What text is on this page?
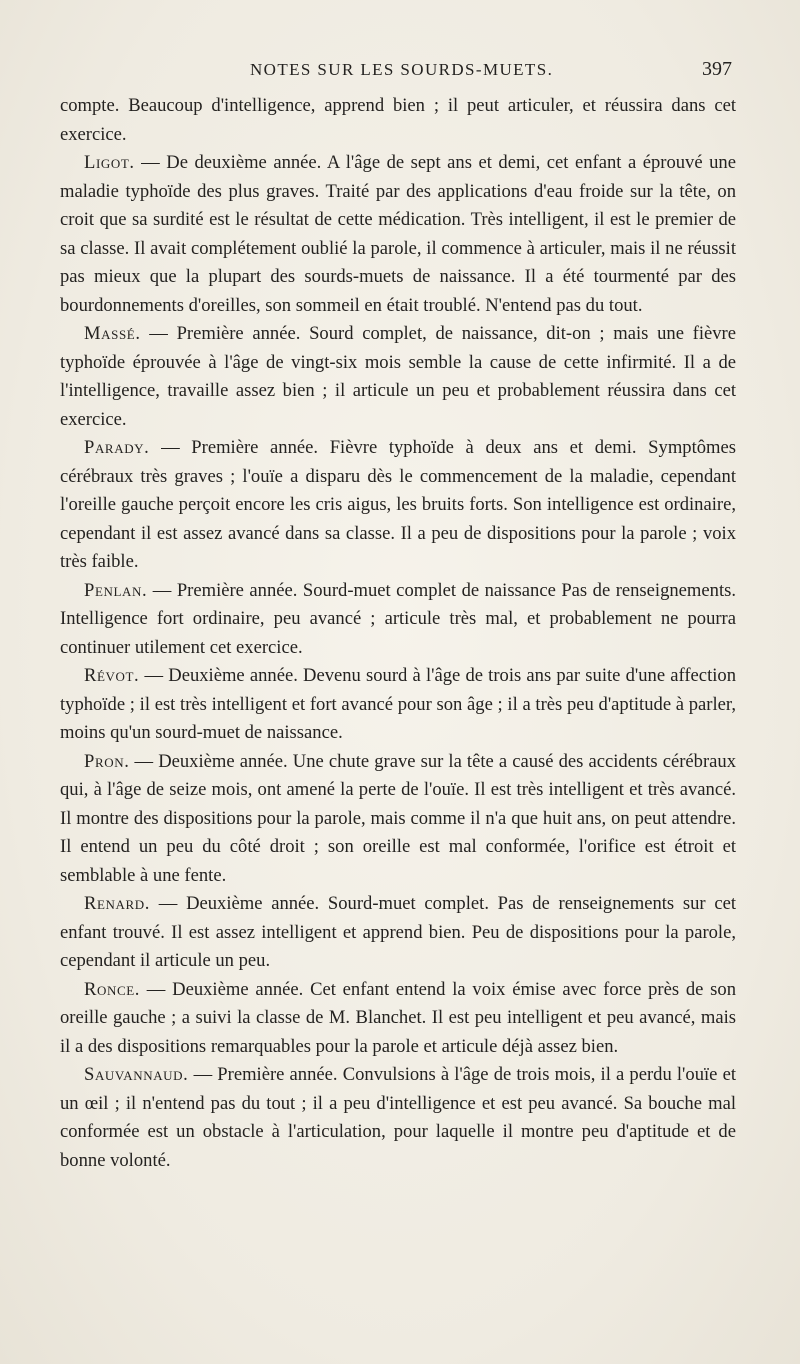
NOTES SUR LES SOURDS-MUETS.	397

compte. Beaucoup d'intelligence, apprend bien ; il peut articuler, et réussira dans cet exercice.

Ligot. — De deuxième année. A l'âge de sept ans et demi, cet enfant a éprouvé une maladie typhoïde des plus graves. Traité par des applications d'eau froide sur la tête, on croit que sa surdité est le résultat de cette médication. Très intelligent, il est le premier de sa classe. Il avait complétement oublié la parole, il commence à articuler, mais il ne réussit pas mieux que la plupart des sourds-muets de naissance. Il a été tourmenté par des bourdonnements d'oreilles, son sommeil en était troublé. N'entend pas du tout.

Massé. — Première année. Sourd complet, de naissance, dit-on ; mais une fièvre typhoïde éprouvée à l'âge de vingt-six mois semble la cause de cette infirmité. Il a de l'intelligence, travaille assez bien ; il articule un peu et probablement réussira dans cet exercice.

Parady. — Première année. Fièvre typhoïde à deux ans et demi. Symptômes cérébraux très graves ; l'ouïe a disparu dès le commencement de la maladie, cependant l'oreille gauche perçoit encore les cris aigus, les bruits forts. Son intelligence est ordinaire, cependant il est assez avancé dans sa classe. Il a peu de dispositions pour la parole ; voix très faible.

Penlan. — Première année. Sourd-muet complet de naissance Pas de renseignements. Intelligence fort ordinaire, peu avancé ; articule très mal, et probablement ne pourra continuer utilement cet exercice.

Révot. — Deuxième année. Devenu sourd à l'âge de trois ans par suite d'une affection typhoïde ; il est très intelligent et fort avancé pour son âge ; il a très peu d'aptitude à parler, moins qu'un sourd-muet de naissance.

Pron. — Deuxième année. Une chute grave sur la tête a causé des accidents cérébraux qui, à l'âge de seize mois, ont amené la perte de l'ouïe. Il est très intelligent et très avancé. Il montre des dispositions pour la parole, mais comme il n'a que huit ans, on peut attendre. Il entend un peu du côté droit ; son oreille est mal conformée, l'orifice est étroit et semblable à une fente.

Renard. — Deuxième année. Sourd-muet complet. Pas de renseignements sur cet enfant trouvé. Il est assez intelligent et apprend bien. Peu de dispositions pour la parole, cependant il articule un peu.

Ronce. — Deuxième année. Cet enfant entend la voix émise avec force près de son oreille gauche ; a suivi la classe de M. Blanchet. Il est peu intelligent et peu avancé, mais il a des dispositions remarquables pour la parole et articule déjà assez bien.

Sauvannaud. — Première année. Convulsions à l'âge de trois mois, il a perdu l'ouïe et un œil ; il n'entend pas du tout ; il a peu d'intelligence et est peu avancé. Sa bouche mal conformée est un obstacle à l'articulation, pour laquelle il montre peu d'aptitude et de bonne volonté.
